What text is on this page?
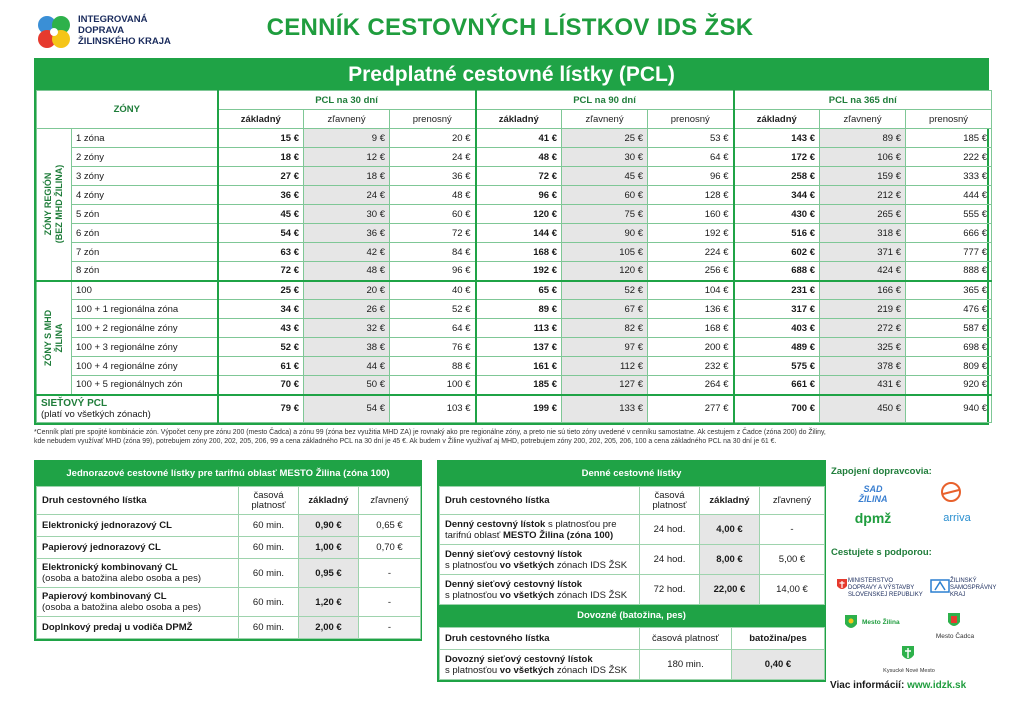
INTEGROVANÁ
DOPRAVA
ŽILINSKÉHO KRAJA
CENNÍK CESTOVNÝCH LÍSTKOV IDS ŽSK
Predplatné cestovné lístky (PCL)
ZÓNY		PCL na 30 dní			PCL na 90 dní			PCL na 365 dní		
		základný	zľavnený	prenosný	základný	zľavnený	prenosný	základný	zľavnený	prenosný

ZÓNY REGIÓN (BEZ MHD ŽILINA)	1 zóna	15 €	9 €	20 €	41 €	25 €	53 €	143 €	89 €	185 €
	2 zóny	18 €	12 €	24 €	48 €	30 €	64 €	172 €	106 €	222 €
	3 zóny	27 €	18 €	36 €	72 €	45 €	96 €	258 €	159 €	333 €
	4 zóny	36 €	24 €	48 €	96 €	60 €	128 €	344 €	212 €	444 €
	5 zón	45 €	30 €	60 €	120 €	75 €	160 €	430 €	265 €	555 €
	6 zón	54 €	36 €	72 €	144 €	90 €	192 €	516 €	318 €	666 €
	7 zón	63 €	42 €	84 €	168 €	105 €	224 €	602 €	371 €	777 €
	8 zón	72 €	48 €	96 €	192 €	120 €	256 €	688 €	424 €	888 €

ZÓNY S MHD ŽILINA	100	25 €	20 €	40 €	65 €	52 €	104 €	231 €	166 €	365 €
	100 + 1 regionálna zóna	34 €	26 €	52 €	89 €	67 €	136 €	317 €	219 €	476 €
	100 + 2 regionálne zóny	43 €	32 €	64 €	113 €	82 €	168 €	403 €	272 €	587 €
	100 + 3 regionálne zóny	52 €	38 €	76 €	137 €	97 €	200 €	489 €	325 €	698 €
	100 + 4 regionálne zóny	61 €	44 €	88 €	161 €	112 €	232 €	575 €	378 €	809 €
	100 + 5 regionálnych zón	70 €	50 €	100 €	185 €	127 €	264 €	661 €	431 €	920 €

SIEŤOVÝ PCL
(platí vo všetkých zónach)		79 €	54 €	103 €	199 €	133 €	277 €	700 €	450 €	940 €
*Cenník platí pre spojité kombinácie zón. Výpočet ceny pre zónu 200 (mesto Čadca) a zónu 99 (zóna bez využitia MHD ZA) je rovnaký ako pre regionálne zóny, a preto nie sú tieto zóny uvedené v cenníku samostatne. Ak cestujem z Čadce (zóna 200) do Žiliny,
kde nebudem využívať MHD (zóna 99), potrebujem zóny 200, 202, 205, 206, 99 a cena základného PCL na 30 dní je 45 €. Ak budem v Žiline využívať aj MHD, potrebujem zóny 200, 202, 205, 206, 100 a cena základného PCL na 30 dní je 61 €.
Jednorazové cestovné lístky pre tarifnú oblasť MESTO Žilina (zóna 100)
Druh cestovného lístka	časová platnosť	základný	zľavnený
Elektronický jednorazový CL	60 min.	0,90 €	0,65 €
Papierový jednorazový CL	60 min.	1,00 €	0,70 €
Elektronický kombinovaný CL
(osoba a batožina alebo osoba a pes)	60 min.	0,95 €	-
Papierový kombinovaný CL
(osoba a batožina alebo osoba a pes)	60 min.	1,20 €	-
Doplnkový predaj u vodiča DPMŽ	60 min.	2,00 €	-
Denné cestovné lístky
Druh cestovného lístka	časová platnosť	základný	zľavnený
Denný cestovný lístok s platnosťou pre tarifnú oblasť MESTO Žilina (zóna 100)	24 hod.	4,00 €	-
Denný sieťový cestovný lístok
s platnosťou vo všetkých zónach IDS ŽSK	24 hod.	8,00 €	5,00 €
Denný sieťový cestovný lístok
s platnosťou vo všetkých zónach IDS ŽSK	72 hod.	22,00 €	14,00 €
Dovozné (batožina, pes)
Druh cestovného lístka	časová platnosť	batožina/pes
Dovozný sieťový cestovný lístok
s platnosťou vo všetkých zónach IDS ŽSK	180 min.	0,40 €
Zapojení dopravcovia:
SAD ŽILINA
dpmž	arriva
Cestujete s podporou:
MINISTERSTVO DOPRAVY A VÝSTAVBY SLOVENSKEJ REPUBLIKY
ŽILINSKÝ SAMOSPRÁVNY KRAJ
Mesto Žilina
Mesto Čadca
Kysucké Nové Mesto
Viac informácií: www.idzk.sk
